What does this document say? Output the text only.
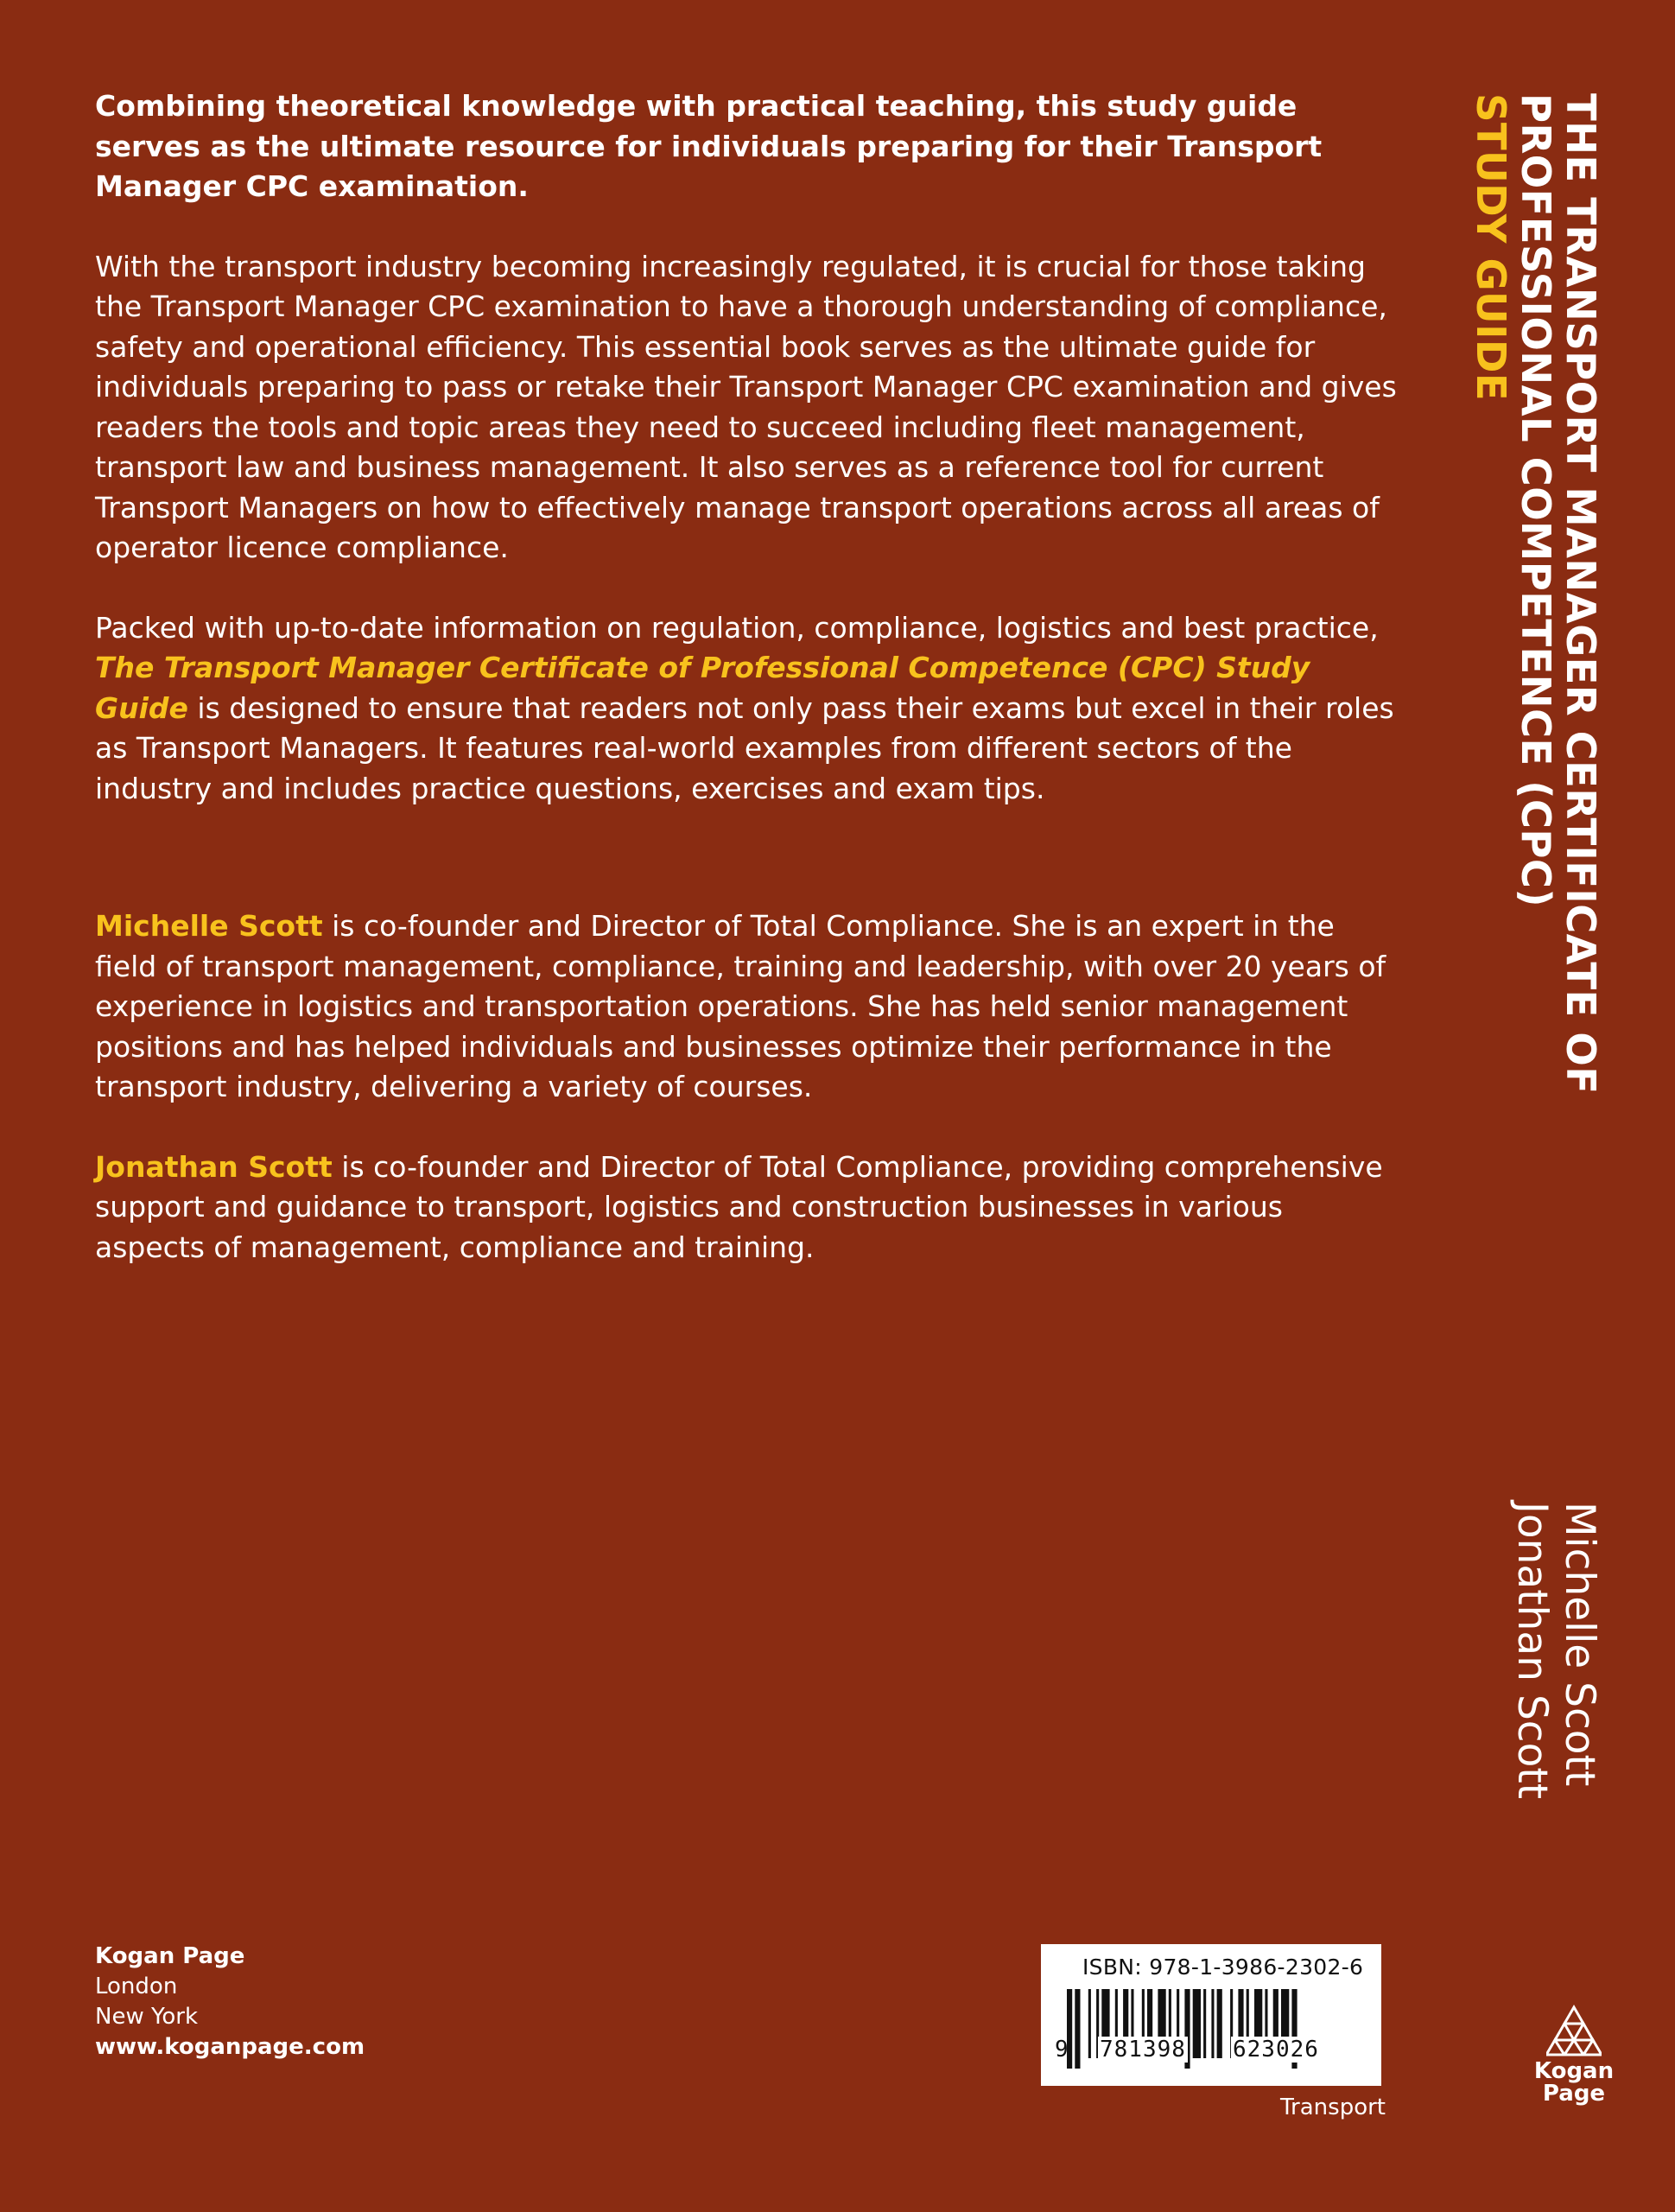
Combining theoretical knowledge with practical teaching, this study guide serves as the ultimate resource for individuals preparing for their Transport Manager CPC examination.

With the transport industry becoming increasingly regulated, it is crucial for those taking the Transport Manager CPC examination to have a thorough understanding of compliance, safety and operational efficiency. This essential book serves as the ultimate guide for individuals preparing to pass or retake their Transport Manager CPC examination and gives readers the tools and topic areas they need to succeed including fleet management, transport law and business management. It also serves as a reference tool for current Transport Managers on how to effectively manage transport operations across all areas of operator licence compliance.

Packed with up-to-date information on regulation, compliance, logistics and best practice, The Transport Manager Certificate of Professional Competence (CPC) Study Guide is designed to ensure that readers not only pass their exams but excel in their roles as Transport Managers. It features real-world examples from different sectors of the industry and includes practice questions, exercises and exam tips.

Michelle Scott is co-founder and Director of Total Compliance. She is an expert in the field of transport management, compliance, training and leadership, with over 20 years of experience in logistics and transportation operations. She has held senior management positions and has helped individuals and businesses optimize their performance in the transport industry, delivering a variety of courses.

Jonathan Scott is co-founder and Director of Total Compliance, providing comprehensive support and guidance to transport, logistics and construction businesses in various aspects of management, compliance and training.

THE TRANSPORT MANAGER CERTIFICATE OF
PROFESSIONAL COMPETENCE (CPC)
STUDY GUIDE
Michelle Scott
Jonathan Scott
Kogan Page
London
New York
www.koganpage.com
ISBN: 978-1-3986-2302-6
9 781398 623026
Transport
Kogan
Page
